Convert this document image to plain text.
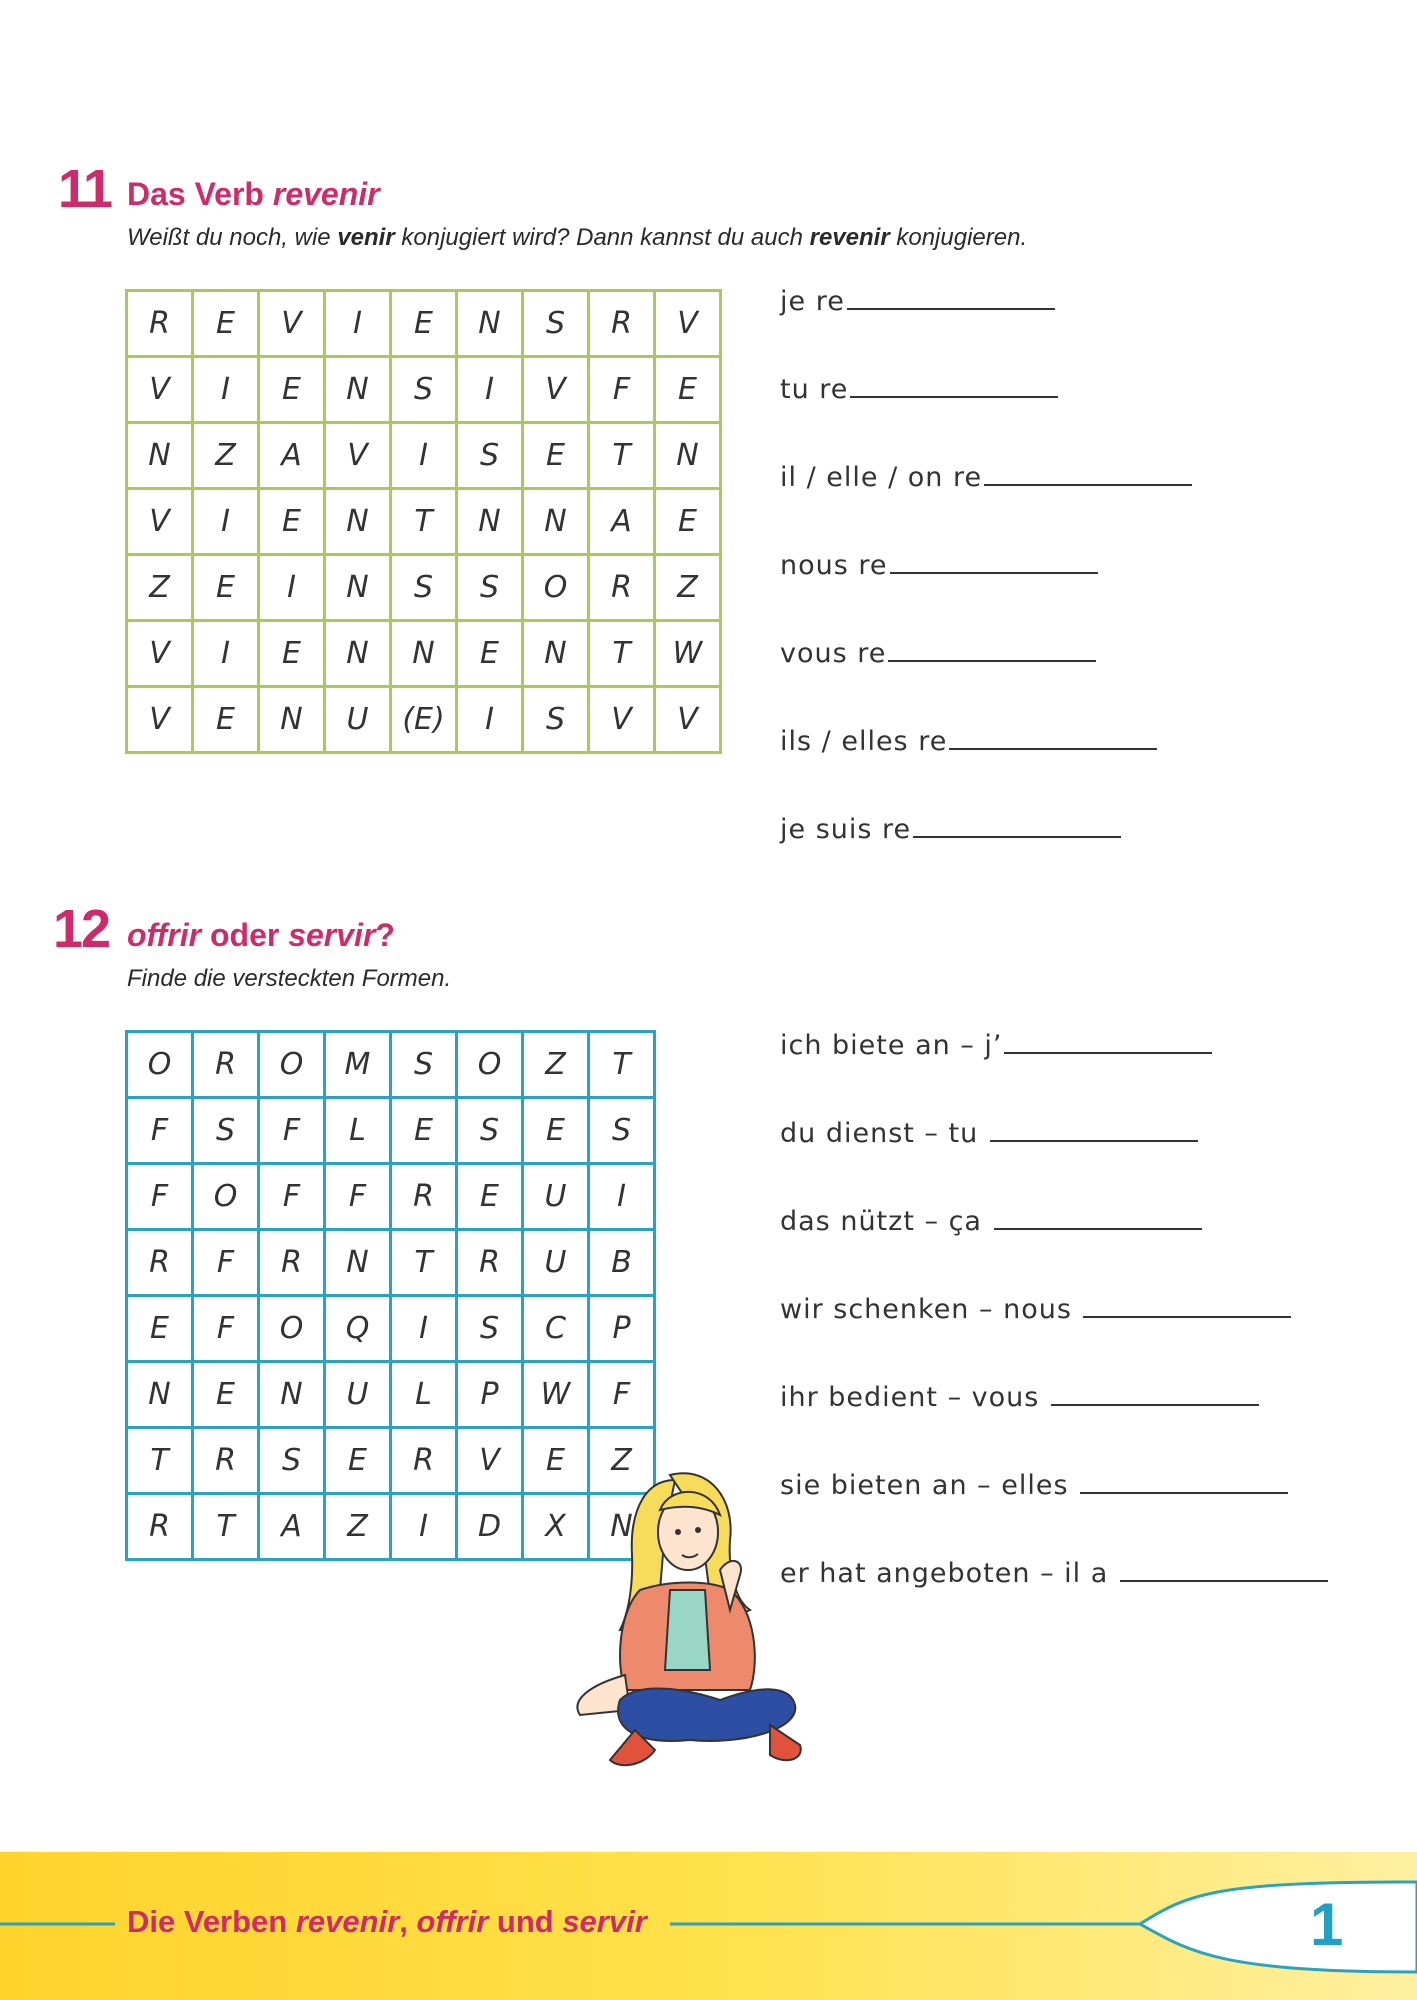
11 Das Verb revenir
Weißt du noch, wie venir konjugiert wird? Dann kannst du auch revenir konjugieren.
R	E	V	I	E	N	S	R	V
V	I	E	N	S	I	V	F	E
N	Z	A	V	I	S	E	T	N
V	I	E	N	T	N	N	A	E
Z	E	I	N	S	S	O	R	Z
V	I	E	N	N	E	N	T	W
V	E	N	U	(E)	I	S	V	V
je re
tu re
il / elle / on re
nous re
vous re
ils / elles re
je suis re
12 offrir oder servir?
Finde die versteckten Formen.
O	R	O	M	S	O	Z	T
F	S	F	L	E	S	E	S
F	O	F	F	R	E	U	I
R	F	R	N	T	R	U	B
E	F	O	Q	I	S	C	P
N	E	N	U	L	P	W	F
T	R	S	E	R	V	E	Z
R	T	A	Z	I	D	X	N
ich biete an – j’
du dienst – tu
das nützt – ça
wir schenken – nous
ihr bedient – vous
sie bieten an – elles
er hat angeboten – il a
Die Verben revenir, offrir und servir	1
